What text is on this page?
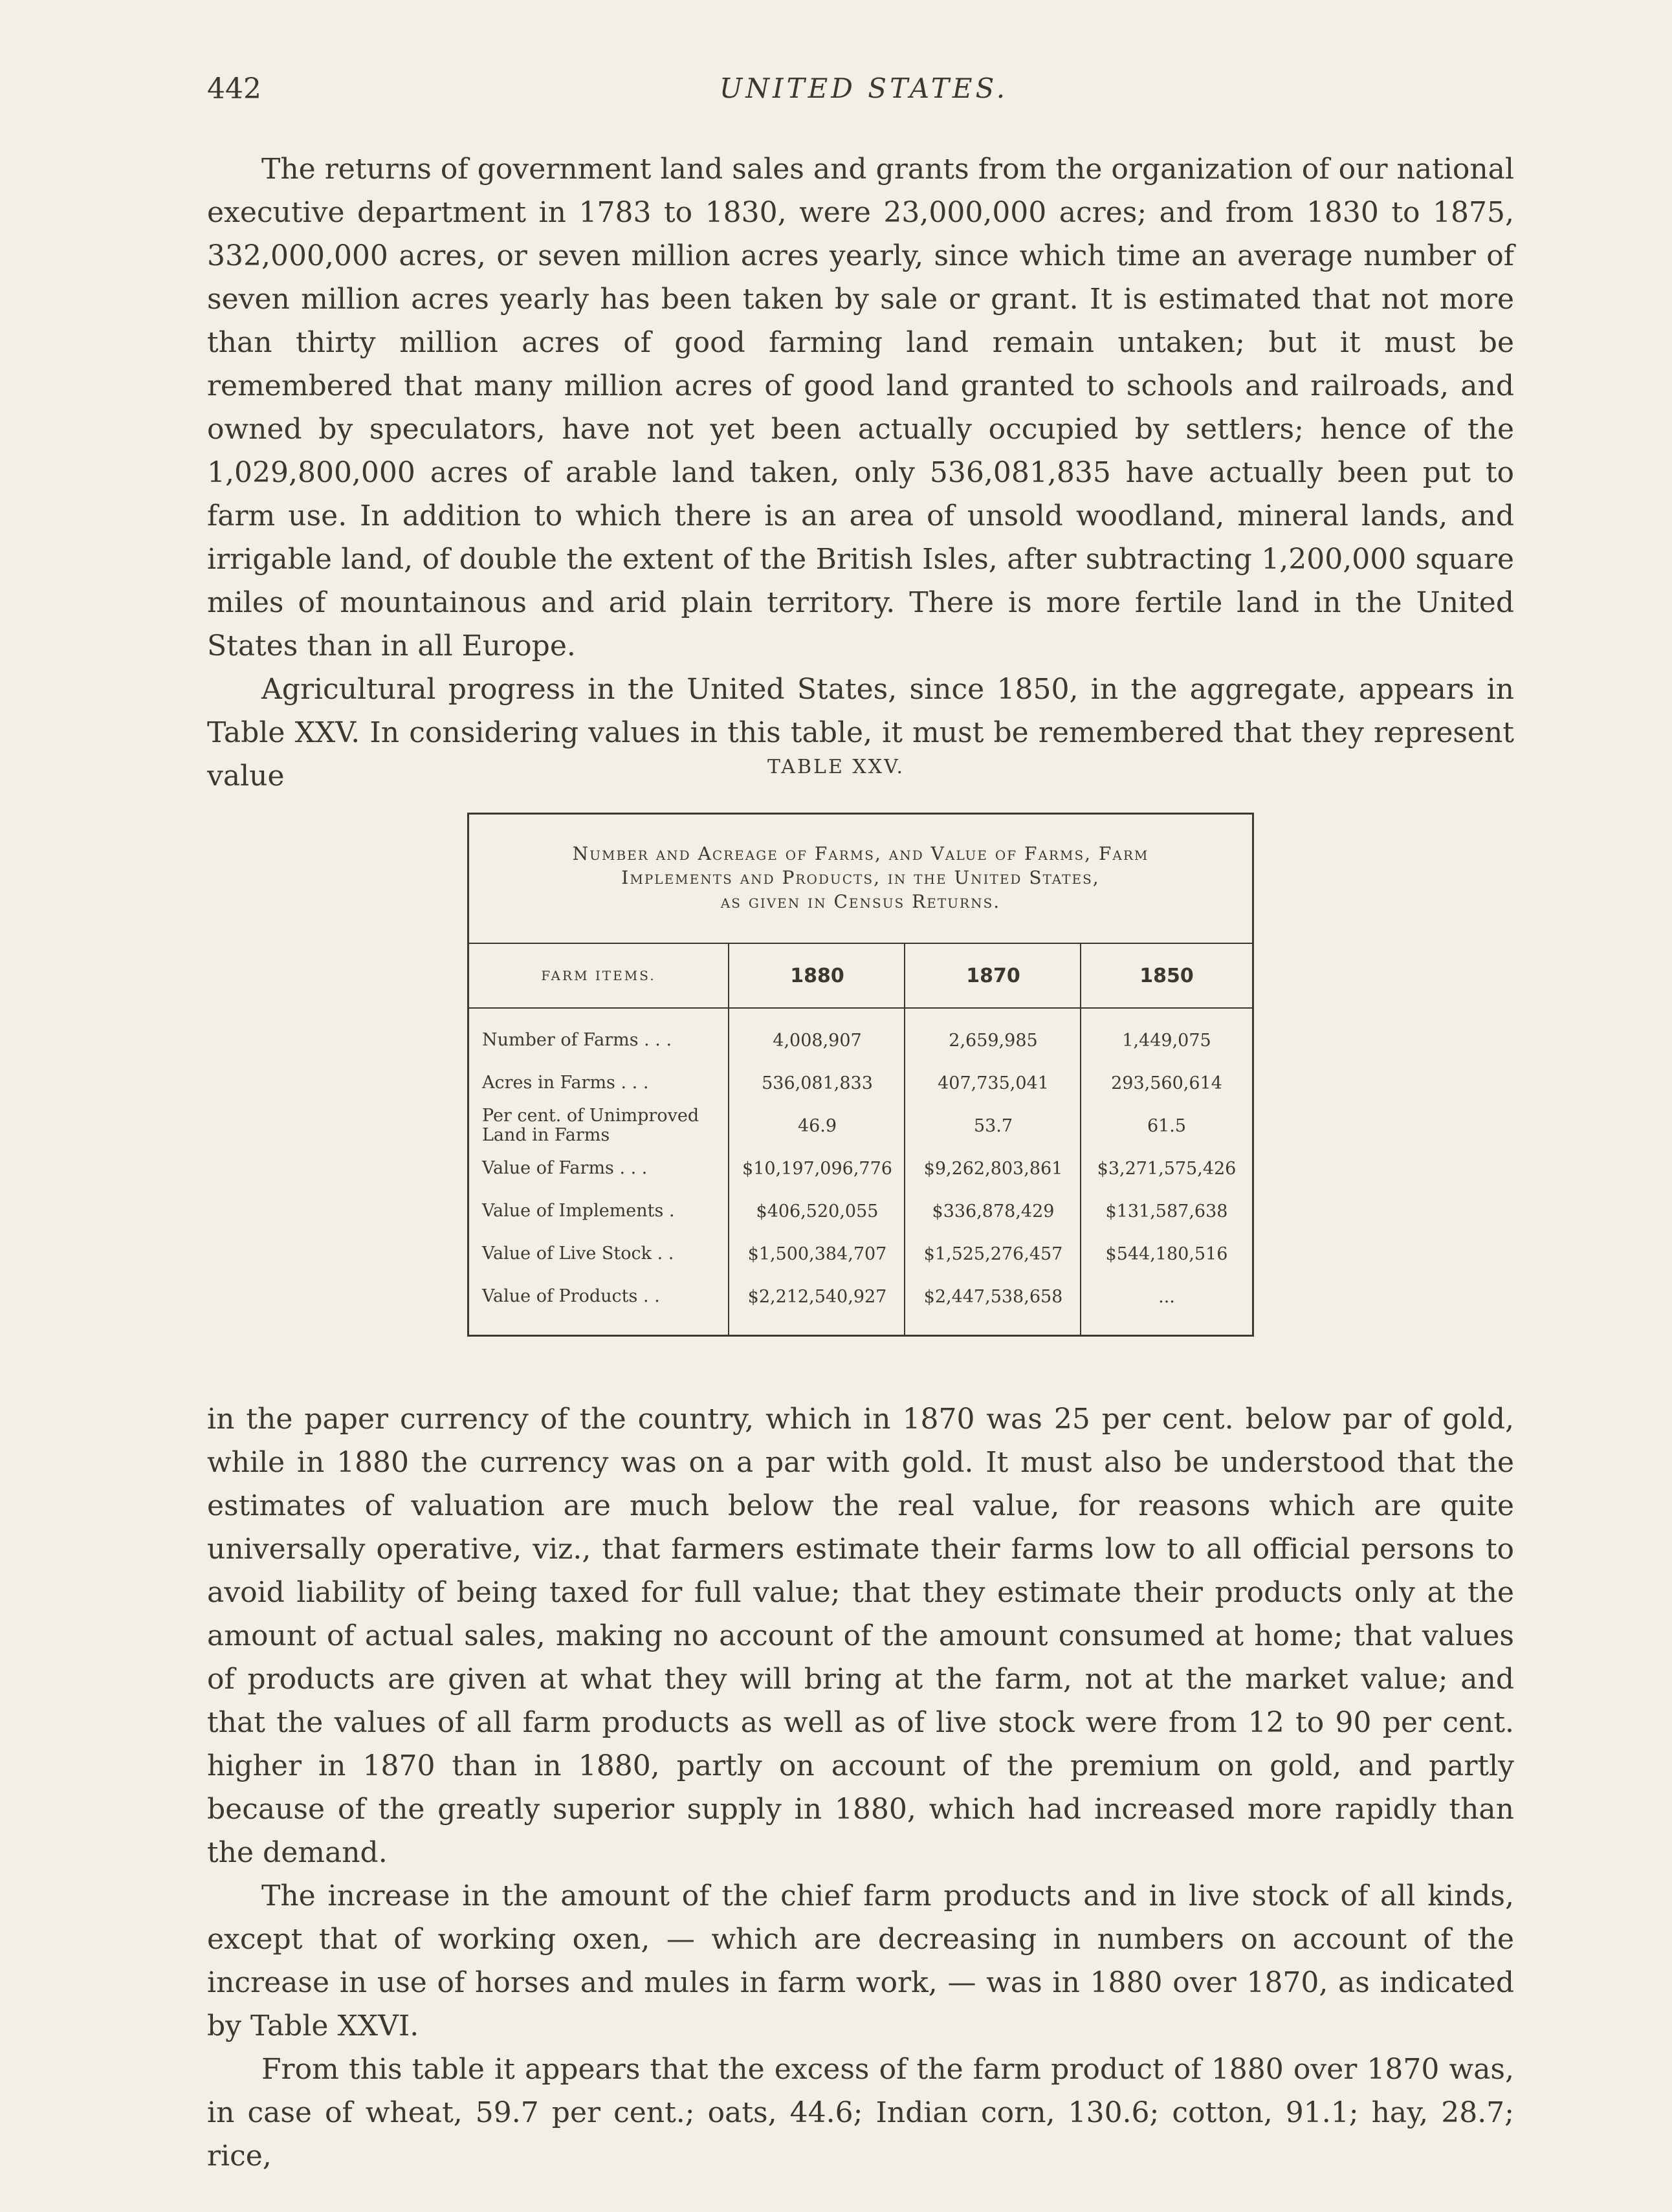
442	UNITED STATES.

The returns of government land sales and grants from the organization of our national executive department in 1783 to 1830, were 23,000,000 acres; and from 1830 to 1875, 332,000,000 acres, or seven million acres yearly, since which time an average number of seven million acres yearly has been taken by sale or grant. It is estimated that not more than thirty million acres of good farming land remain untaken; but it must be remembered that many million acres of good land granted to schools and railroads, and owned by speculators, have not yet been actually occupied by settlers; hence of the 1,029,800,000 acres of arable land taken, only 536,081,835 have actually been put to farm use. In addition to which there is an area of unsold woodland, mineral lands, and irrigable land, of double the extent of the British Isles, after subtracting 1,200,000 square miles of mountainous and arid plain territory. There is more fertile land in the United States than in all Europe.

Agricultural progress in the United States, since 1850, in the aggregate, appears in Table XXV. In considering values in this table, it must be remembered that they represent value	TABLE XXV.
Number and Acreage of Farms, and Value of Farms, Farm
Implements and Products, in the United States,
as given in Census Returns.
FARM ITEMS.	1880	1870	1850
Number of Farms . . .	4,008,907	2,659,985	1,449,075
Acres in Farms . . .	536,081,833	407,735,041	293,560,614
Per cent. of Unimproved Land in Farms	46.9	53.7	61.5
Value of Farms . . .	$10,197,096,776	$9,262,803,861	$3,271,575,426
Value of Implements .	$406,520,055	$336,878,429	$131,587,638
Value of Live Stock . .	$1,500,384,707	$1,525,276,457	$544,180,516
Value of Products . .	$2,212,540,927	$2,447,538,658	...

in the paper currency of the country, which in 1870 was 25 per cent. below par of gold, while in 1880 the currency was on a par with gold. It must also be understood that the estimates of valuation are much below the real value, for reasons which are quite universally operative, viz., that farmers estimate their farms low to all official persons to avoid liability of being taxed for full value; that they estimate their products only at the amount of actual sales, making no account of the amount consumed at home; that values of products are given at what they will bring at the farm, not at the market value; and that the values of all farm products as well as of live stock were from 12 to 90 per cent. higher in 1870 than in 1880, partly on account of the premium on gold, and partly because of the greatly superior supply in 1880, which had increased more rapidly than the demand.

The increase in the amount of the chief farm products and in live stock of all kinds, except that of working oxen, — which are decreasing in numbers on account of the increase in use of horses and mules in farm work, — was in 1880 over 1870, as indicated by Table XXVI.

From this table it appears that the excess of the farm product of 1880 over 1870 was, in case of wheat, 59.7 per cent.; oats, 44.6; Indian corn, 130.6; cotton, 91.1; hay, 28.7; rice,
